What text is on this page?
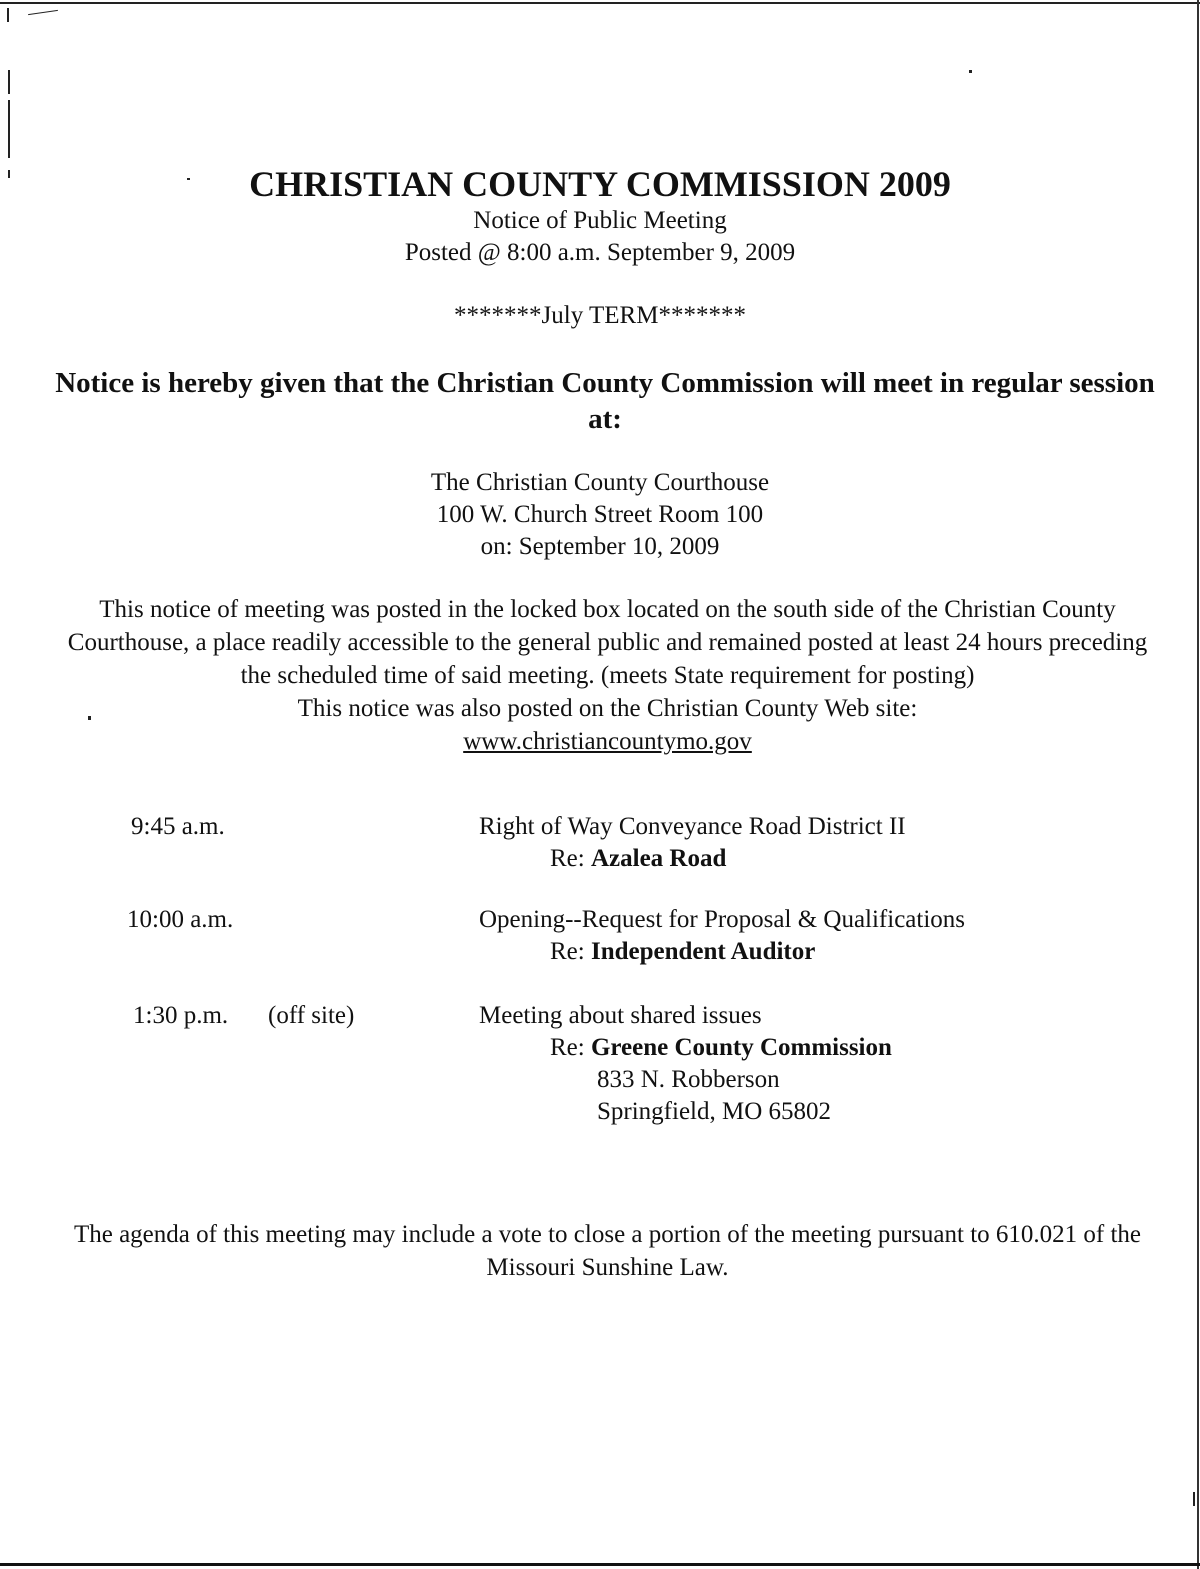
CHRISTIAN COUNTY COMMISSION 2009
Notice of Public Meeting
Posted @ 8:00 a.m. September 9, 2009
*******July TERM*******
Notice is hereby given that the Christian County Commission will meet in regular session at:
The Christian County Courthouse
100 W. Church Street Room 100
on: September 10, 2009
This notice of meeting was posted in the locked box located on the south side of the Christian County Courthouse, a place readily accessible to the general public and remained posted at least 24 hours preceding the scheduled time of said meeting. (meets State requirement for posting)
This notice was also posted on the Christian County Web site:
www.christiancountymo.gov
9:45 a.m.	Right of Way Conveyance Road District II
Re: Azalea Road
10:00 a.m.	Opening--Request for Proposal & Qualifications
Re: Independent Auditor
1:30 p.m. (off site)	Meeting about shared issues
Re: Greene County Commission
833 N. Robberson
Springfield, MO 65802
The agenda of this meeting may include a vote to close a portion of the meeting pursuant to 610.021 of the Missouri Sunshine Law.
